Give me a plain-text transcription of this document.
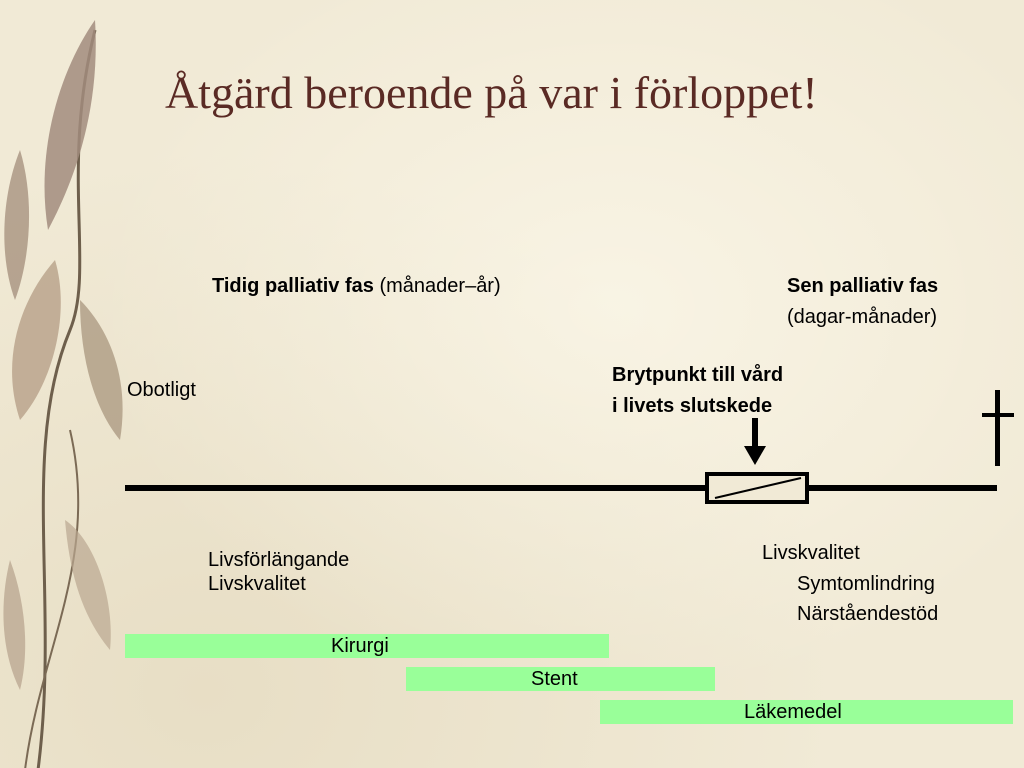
Åtgärd beroende på var i förloppet!
Tidig palliativ fas (månader–år)	Sen palliativ fas
(dagar-månader)
Obotligt
Brytpunkt till vård
i livets slutskede
Livsförlängande
Livskvalitet
Livskvalitet
Symtomlindring
Närståendestöd
Kirurgi
Stent
Läkemedel
